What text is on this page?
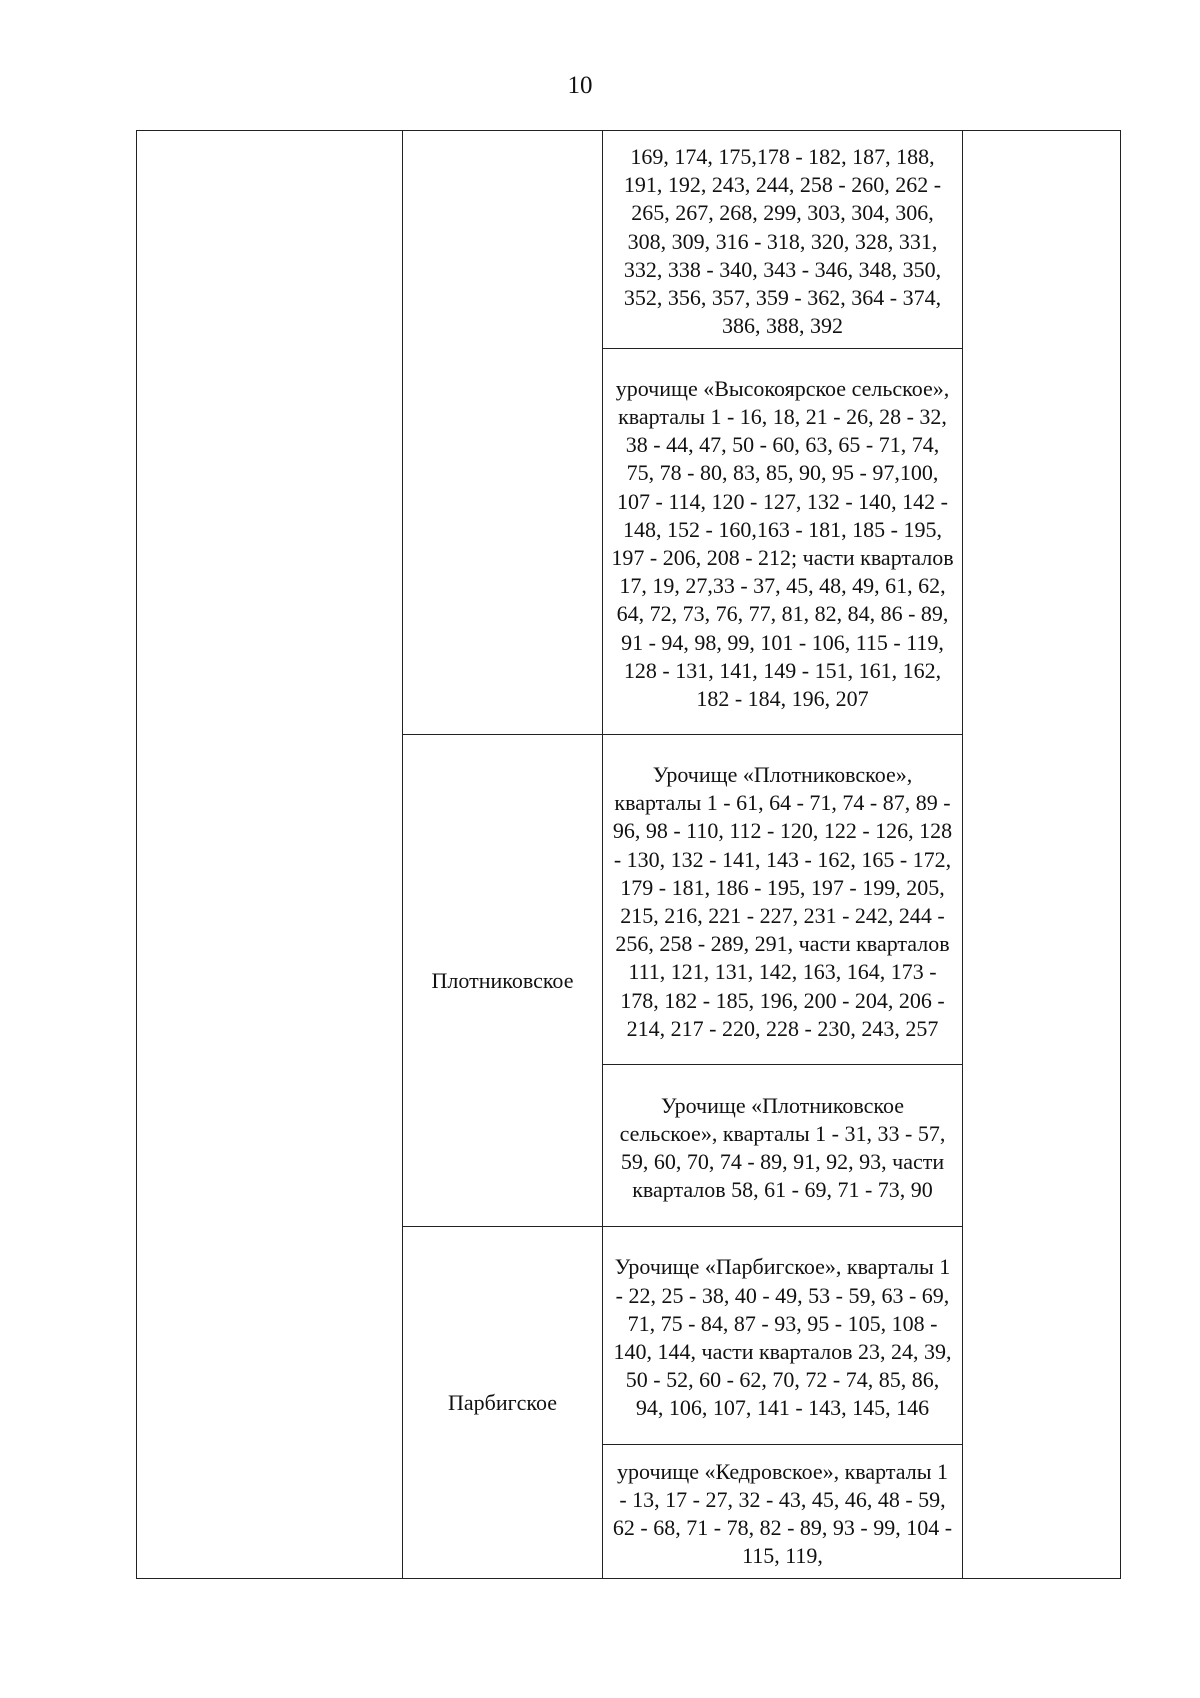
10
		169, 174, 175,178 - 182, 187, 188, 191, 192, 243, 244, 258 - 260, 262 - 265, 267, 268, 299, 303, 304, 306, 308, 309, 316 - 318, 320, 328, 331, 332, 338 - 340, 343 - 346, 348, 350, 352, 356, 357, 359 - 362, 364 - 374, 386, 388, 392	
		урочище «Высокоярское сельское», кварталы 1 - 16, 18, 21 - 26, 28 - 32, 38 - 44, 47, 50 - 60, 63, 65 - 71, 74, 75, 78 - 80, 83, 85, 90, 95 - 97,100, 107 - 114, 120 - 127, 132 - 140, 142 - 148, 152 - 160,163 - 181, 185 - 195, 197 - 206, 208 - 212; части кварталов 17, 19, 27,33 - 37, 45, 48, 49, 61, 62, 64, 72, 73, 76, 77, 81, 82, 84, 86 - 89, 91 - 94, 98, 99, 101 - 106, 115 - 119, 128 - 131, 141, 149 - 151, 161, 162, 182 - 184, 196, 207	
	Плотниковское	Урочище «Плотниковское», кварталы 1 - 61, 64 - 71, 74 - 87, 89 - 96, 98 - 110, 112 - 120, 122 - 126, 128 - 130, 132 - 141, 143 - 162, 165 - 172, 179 - 181, 186 - 195, 197 - 199, 205, 215, 216, 221 - 227, 231 - 242, 244 - 256, 258 - 289, 291, части кварталов 111, 121, 131, 142, 163, 164, 173 - 178, 182 - 185, 196, 200 - 204, 206 - 214, 217 - 220, 228 - 230, 243, 257	
		Урочище «Плотниковское сельское», кварталы 1 - 31, 33 - 57, 59, 60, 70, 74 - 89, 91, 92, 93, части кварталов 58, 61 - 69, 71 - 73, 90	
	Парбигское	Урочище «Парбигское», кварталы 1 - 22, 25 - 38, 40 - 49, 53 - 59, 63 - 69, 71, 75 - 84, 87 - 93, 95 - 105, 108 - 140, 144, части кварталов 23, 24, 39, 50 - 52, 60 - 62, 70, 72 - 74, 85, 86, 94, 106, 107, 141 - 143, 145, 146	
		урочище «Кедровское», кварталы 1 - 13, 17 - 27, 32 - 43, 45, 46, 48 - 59, 62 - 68, 71 - 78, 82 - 89, 93 - 99, 104 - 115, 119,	
